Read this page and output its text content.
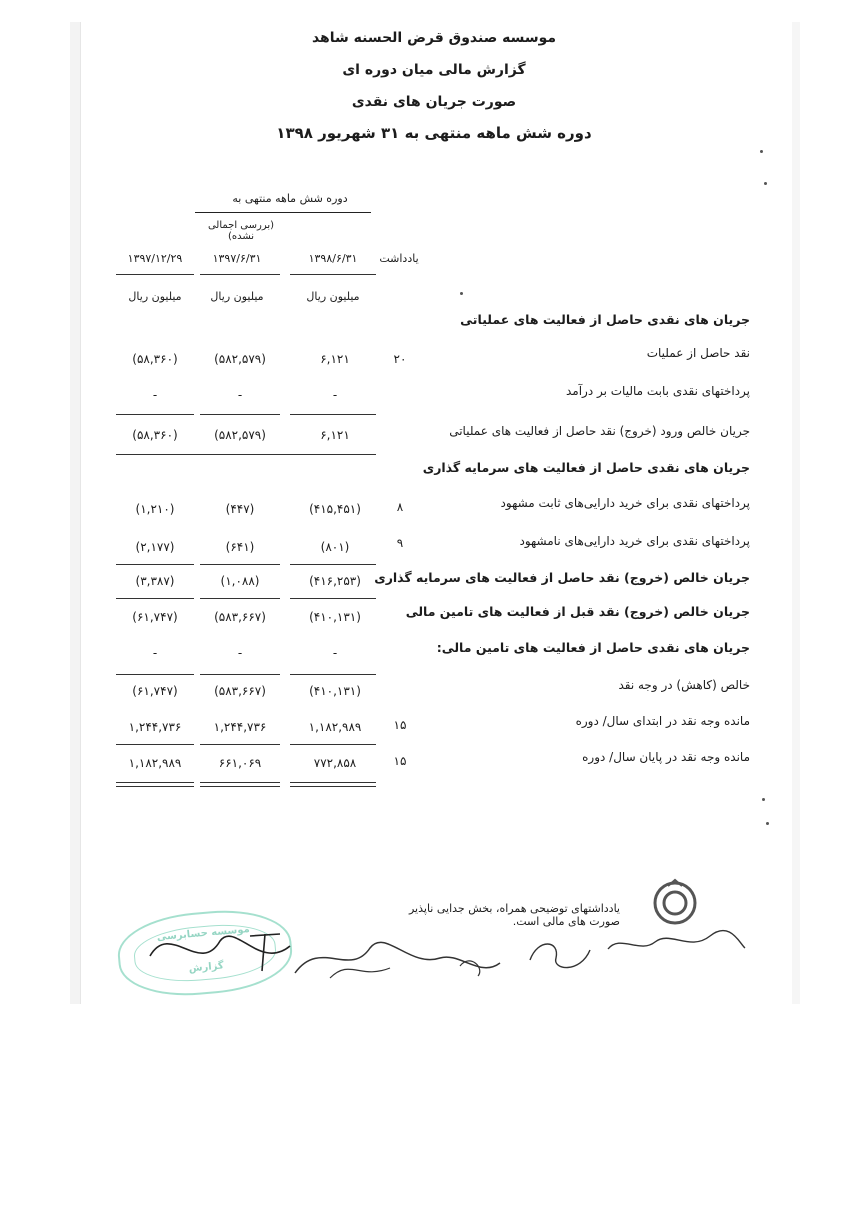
موسسه صندوق قرض الحسنه شاهد
گزارش مالی میان دوره ای
صورت جریان های نقدی
دوره شش ماهه منتهی به ۳۱ شهریور ۱۳۹۸
دوره شش ماهه منتهی به
(بررسی اجمالی نشده)
یادداشت
۱۳۹۸/۶/۳۱
۱۳۹۷/۶/۳۱
۱۳۹۷/۱۲/۲۹
میلیون ریال
میلیون ریال
میلیون ریال
جریان های نقدی حاصل از فعالیت های عملیاتی
نقد حاصل از عملیات
۲۰
۶,۱۲۱
(۵۸۲,۵۷۹)
(۵۸,۳۶۰)
پرداختهای نقدی بابت مالیات بر درآمد
-
-
-
جریان خالص ورود (خروج) نقد حاصل از فعالیت های عملیاتی
۶,۱۲۱
(۵۸۲,۵۷۹)
(۵۸,۳۶۰)
جریان های نقدی حاصل از فعالیت های سرمایه گذاری
پرداختهای نقدی برای خرید دارایی‌های ثابت مشهود
۸
(۴۱۵,۴۵۱)
(۴۴۷)
(۱,۲۱۰)
پرداختهای نقدی برای خرید دارایی‌های نامشهود
۹
(۸۰۱)
(۶۴۱)
(۲,۱۷۷)
جریان خالص (خروج) نقد حاصل از فعالیت های سرمایه گذاری
(۴۱۶,۲۵۳)
(۱,۰۸۸)
(۳,۳۸۷)
جریان خالص (خروج) نقد قبل از فعالیت های تامین مالی
(۴۱۰,۱۳۱)
(۵۸۳,۶۶۷)
(۶۱,۷۴۷)
جریان های نقدی حاصل از فعالیت های تامین مالی:
-
-
-
خالص (کاهش) در وجه نقد
(۴۱۰,۱۳۱)
(۵۸۳,۶۶۷)
(۶۱,۷۴۷)
مانده وجه نقد در ابتدای سال/ دوره
۱۵
۱,۱۸۲,۹۸۹
۱,۲۴۴,۷۳۶
۱,۲۴۴,۷۳۶
مانده وجه نقد در پایان سال/ دوره
۱۵
۷۷۲,۸۵۸
۶۶۱,۰۶۹
۱,۱۸۲,۹۸۹
یادداشتهای توضیحی همراه، بخش جدایی ناپذیر صورت های مالی است.
موسسه حسابرسی
گزارش
